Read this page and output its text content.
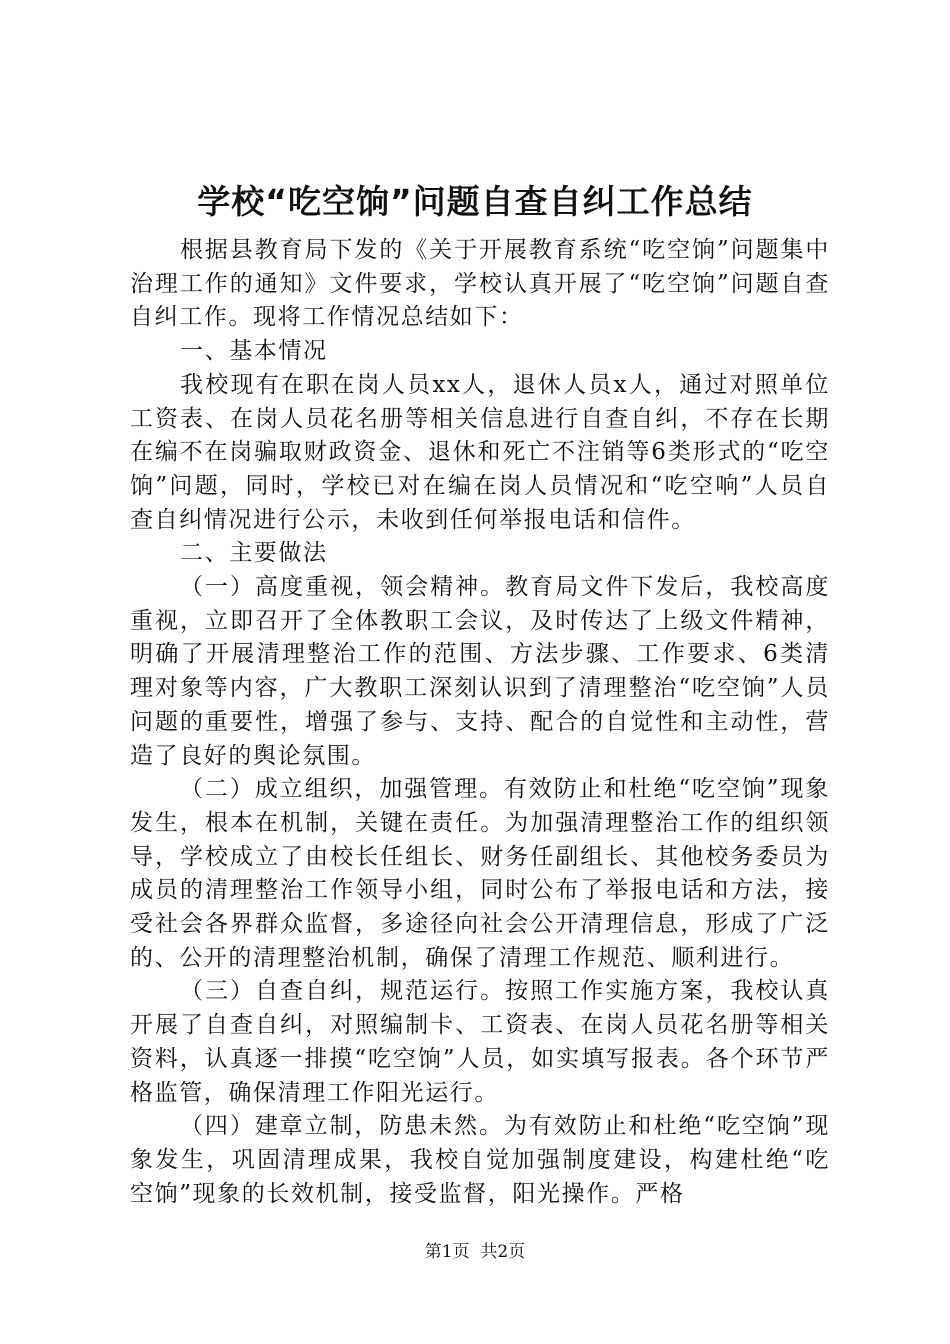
学校“吃空饷”问题自查自纠工作总结

根据县教育局下发的《关于开展教育系统“吃空饷”问题集中治理工作的通知》文件要求，学校认真开展了“吃空饷”问题自查自纠工作。现将工作情况总结如下：

一、基本情况

我校现有在职在岗人员xx人，退休人员x人，通过对照单位工资表、在岗人员花名册等相关信息进行自查自纠，不存在长期在编不在岗骗取财政资金、退休和死亡不注销等6类形式的“吃空饷”问题，同时，学校已对在编在岗人员情况和“吃空响”人员自查自纠情况进行公示，未收到任何举报电话和信件。

二、主要做法

（一）高度重视，领会精神。教育局文件下发后，我校高度重视，立即召开了全体教职工会议，及时传达了上级文件精神，明确了开展清理整治工作的范围、方法步骤、工作要求、6类清理对象等内容，广大教职工深刻认识到了清理整治“吃空饷”人员问题的重要性，增强了参与、支持、配合的自觉性和主动性，营造了良好的舆论氛围。

（二）成立组织，加强管理。有效防止和杜绝“吃空饷”现象发生，根本在机制，关键在责任。为加强清理整治工作的组织领导，学校成立了由校长任组长、财务任副组长、其他校务委员为成员的清理整治工作领导小组，同时公布了举报电话和方法，接受社会各界群众监督，多途径向社会公开清理信息，形成了广泛的、公开的清理整治机制，确保了清理工作规范、顺利进行。

（三）自查自纠，规范运行。按照工作实施方案，我校认真开展了自查自纠，对照编制卡、工资表、在岗人员花名册等相关资料，认真逐一排摸“吃空饷”人员，如实填写报表。各个环节严格监管，确保清理工作阳光运行。

（四）建章立制，防患未然。为有效防止和杜绝“吃空饷”现象发生，巩固清理成果，我校自觉加强制度建设，构建杜绝“吃空饷”现象的长效机制，接受监督，阳光操作。严格

第1页 共2页
